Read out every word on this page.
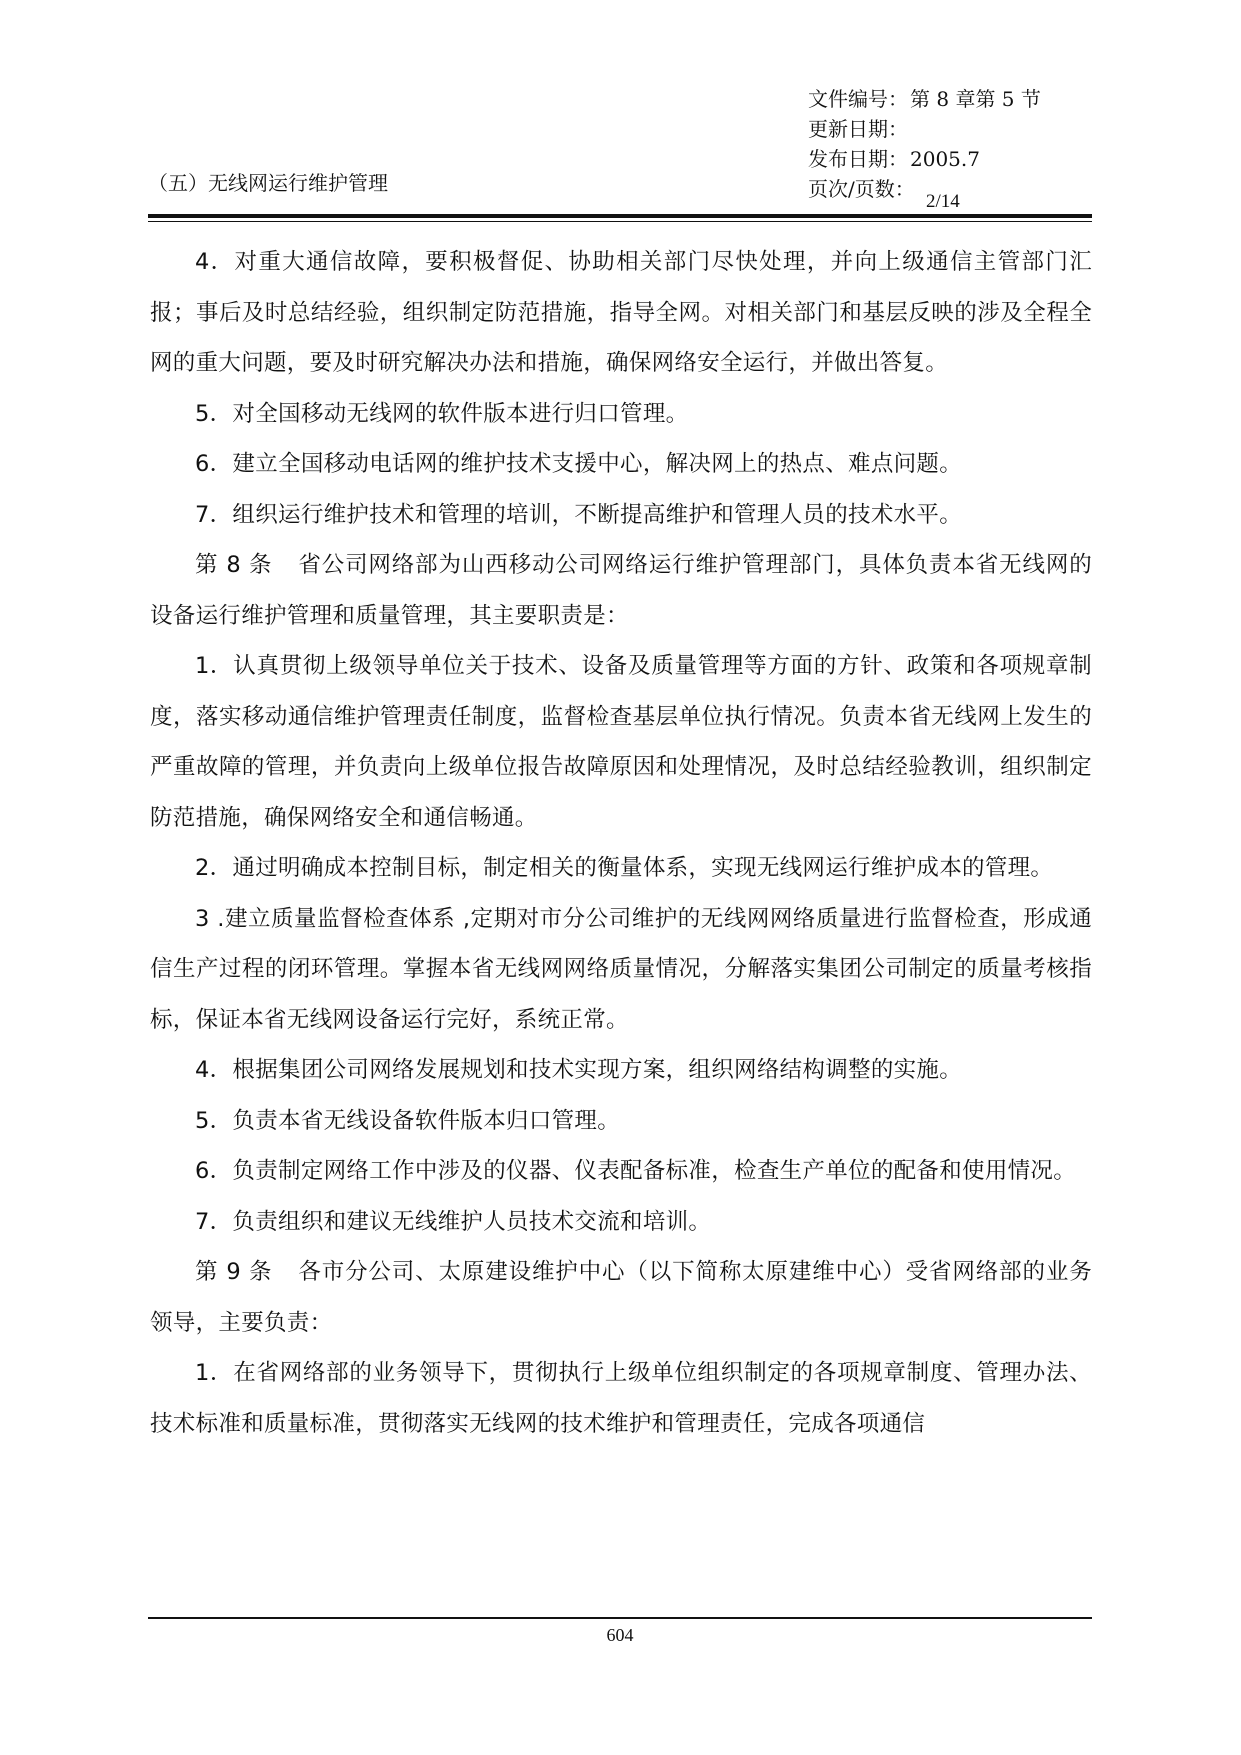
（五）无线网运行维护管理
文件编号： 第 8 章第 5 节
更新日期：
发布日期： 2005.7
页次/页数：
2/14

4．对重大通信故障，要积极督促、协助相关部门尽快处理，并向上级通信主管部门汇报；事后及时总结经验，组织制定防范措施，指导全网。对相关部门和基层反映的涉及全程全网的重大问题，要及时研究解决办法和措施，确保网络安全运行，并做出答复。

5．对全国移动无线网的软件版本进行归口管理。

6．建立全国移动电话网的维护技术支援中心，解决网上的热点、难点问题。

7．组织运行维护技术和管理的培训，不断提高维护和管理人员的技术水平。

第 8 条 省公司网络部为山西移动公司网络运行维护管理部门，具体负责本省无线网的设备运行维护管理和质量管理，其主要职责是：

1．认真贯彻上级领导单位关于技术、设备及质量管理等方面的方针、政策和各项规章制度，落实移动通信维护管理责任制度，监督检查基层单位执行情况。负责本省无线网上发生的严重故障的管理，并负责向上级单位报告故障原因和处理情况，及时总结经验教训，组织制定防范措施，确保网络安全和通信畅通。

2．通过明确成本控制目标，制定相关的衡量体系，实现无线网运行维护成本的管理。

3 .建立质量监督检查体系 ,定期对市分公司维护的无线网网络质量进行监督检查，形成通信生产过程的闭环管理。掌握本省无线网网络质量情况，分解落实集团公司制定的质量考核指标，保证本省无线网设备运行完好，系统正常。

4．根据集团公司网络发展规划和技术实现方案，组织网络结构调整的实施。

5．负责本省无线设备软件版本归口管理。

6．负责制定网络工作中涉及的仪器、仪表配备标准，检查生产单位的配备和使用情况。

7．负责组织和建议无线维护人员技术交流和培训。

第 9 条 各市分公司、太原建设维护中心（以下简称太原建维中心）受省网络部的业务领导，主要负责：

1．在省网络部的业务领导下，贯彻执行上级单位组织制定的各项规章制度、管理办法、技术标准和质量标准，贯彻落实无线网的技术维护和管理责任，完成各项通信

604
